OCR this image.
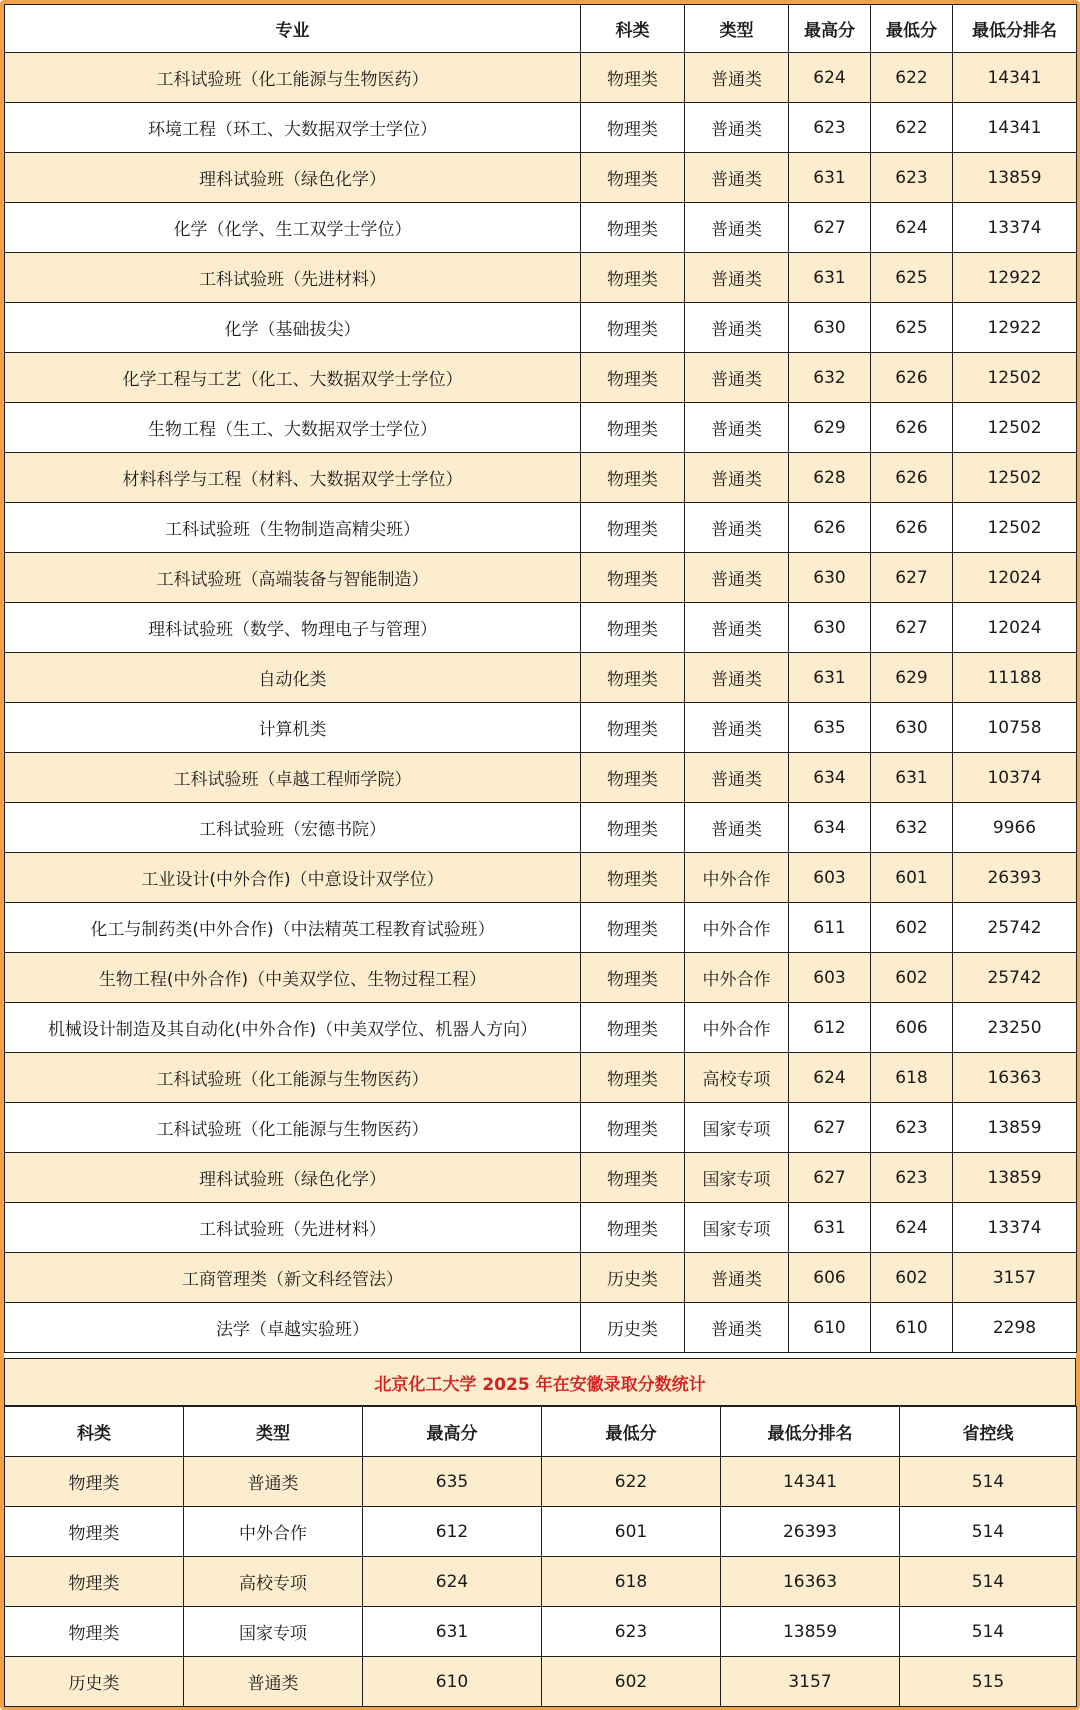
专业	科类	类型	最高分	最低分	最低分排名
工科试验班（化工能源与生物医药）	物理类	普通类	624	622	14341
环境工程（环工、大数据双学士学位）	物理类	普通类	623	622	14341
理科试验班（绿色化学）	物理类	普通类	631	623	13859
化学（化学、生工双学士学位）	物理类	普通类	627	624	13374
工科试验班（先进材料）	物理类	普通类	631	625	12922
化学（基础拔尖）	物理类	普通类	630	625	12922
化学工程与工艺（化工、大数据双学士学位）	物理类	普通类	632	626	12502
生物工程（生工、大数据双学士学位）	物理类	普通类	629	626	12502
材料科学与工程（材料、大数据双学士学位）	物理类	普通类	628	626	12502
工科试验班（生物制造高精尖班）	物理类	普通类	626	626	12502
工科试验班（高端装备与智能制造）	物理类	普通类	630	627	12024
理科试验班（数学、物理电子与管理）	物理类	普通类	630	627	12024
自动化类	物理类	普通类	631	629	11188
计算机类	物理类	普通类	635	630	10758
工科试验班（卓越工程师学院）	物理类	普通类	634	631	10374
工科试验班（宏德书院）	物理类	普通类	634	632	9966
工业设计(中外合作)（中意设计双学位）	物理类	中外合作	603	601	26393
化工与制药类(中外合作)（中法精英工程教育试验班）	物理类	中外合作	611	602	25742
生物工程(中外合作)（中美双学位、生物过程工程）	物理类	中外合作	603	602	25742
机械设计制造及其自动化(中外合作)（中美双学位、机器人方向）	物理类	中外合作	612	606	23250
工科试验班（化工能源与生物医药）	物理类	高校专项	624	618	16363
工科试验班（化工能源与生物医药）	物理类	国家专项	627	623	13859
理科试验班（绿色化学）	物理类	国家专项	627	623	13859
工科试验班（先进材料）	物理类	国家专项	631	624	13374
工商管理类（新文科经管法）	历史类	普通类	606	602	3157
法学（卓越实验班）	历史类	普通类	610	610	2298
北京化工大学 2025 年在安徽录取分数统计
科类	类型	最高分	最低分	最低分排名	省控线
物理类	普通类	635	622	14341	514
物理类	中外合作	612	601	26393	514
物理类	高校专项	624	618	16363	514
物理类	国家专项	631	623	13859	514
历史类	普通类	610	602	3157	515
